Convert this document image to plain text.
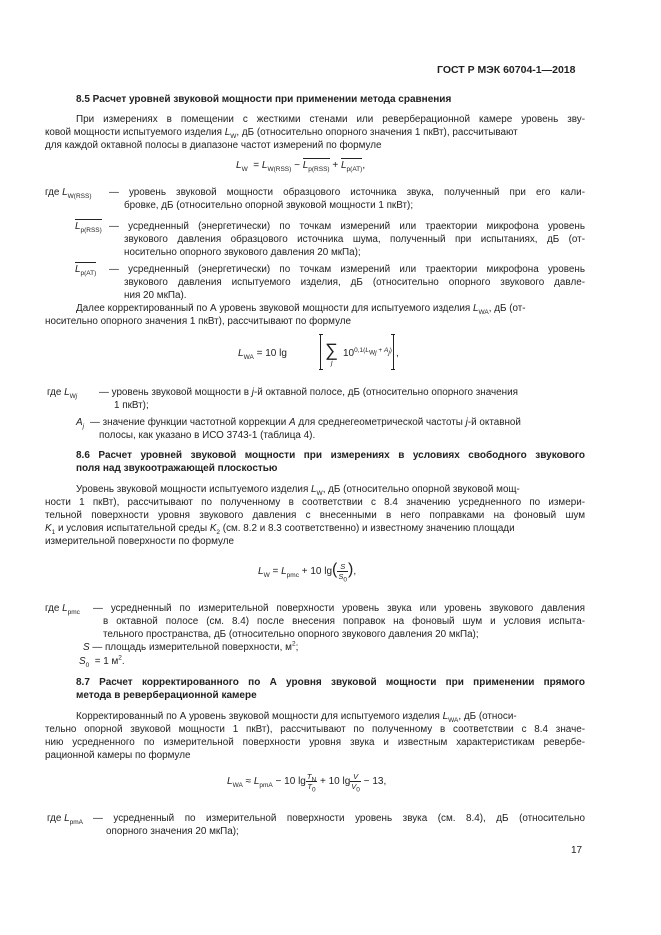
ГОСТ Р МЭК 60704-1—2018
8.5 Расчет уровней звуковой мощности при применении метода сравнения
При измерениях в помещении с жесткими стенами или реверберационной камере уровень зву-
ковой мощности испытуемого изделия $L_W$, дБ (относительно опорного значения 1 пкВт), рассчитывают
для каждой октавной полосы в диапазоне частот измерений по формуле
$L_W = L_{W(RSS)} - L_{p(RSS)} + L_{p(AT)}$,
где $L_{W(RSS)}$ — уровень звуковой мощности образцового источника звука, полученный при его кали-
бровке, дБ (относительно опорной звуковой мощности 1 пкВт);
$L_{p(RSS)}$ — усредненный (энергетически) по точкам измерений или траектории микрофона уровень
звукового давления образцового источника шума, полученный при испытаниях, дБ (от-
носительно опорного звукового давления 20 мкПа);
$L_{p(AT)}$ — усредненный (энергетически) по точкам измерений или траектории микрофона уровень
звукового давления испытуемого изделия, дБ (относительно опорного звукового давле-
ния 20 мкПа).
Далее корректированный по А уровень звуковой мощности для испытуемого изделия $L_{WA}$, дБ (от-
носительно опорного значения 1 пкВт), рассчитывают по формуле
$L_{WA} = 10$ lg ∑
j
$10^{0,1(L_{Wj} + A_j)}$ ,
где $L_{Wj}$ — уровень звуковой мощности в j-й октавной полосе, дБ (относительно опорного значения
1 пкВт);
$A_j$ — значение функции частотной коррекции A для среднегеометрической частоты j-й октавной
полосы, как указано в ИСО 3743-1 (таблица 4).
8.6 Расчет уровней звуковой мощности при измерениях в условиях свободного звукового
поля над звукоотражающей плоскостью
Уровень звуковой мощности испытуемого изделия $L_W$, дБ (относительно опорной звуковой мощ-
ности 1 пкВт), рассчитывают по полученному в соответствии с 8.4 значению усредненного по измери-
тельной поверхности уровня звукового давления с внесенными в него поправками на фоновый шум
$K_1$ и условия испытательной среды $K_2$ (см. 8.2 и 8.3 соответственно) и известному значению площади
измерительной поверхности по формуле
$L_W = L_{pmc} + 10$ $\lg( \frac{S}{S_0}$ ),
где $L_{pmc}$ — усредненный по измерительной поверхности уровень звука или уровень звукового давления
в октавной полосе (см. 8.4) после внесения поправок на фоновый шум и условия испыта-
тельного пространства, дБ (относительно опорного звукового давления 20 мкПа);
S — площадь измерительной поверхности, $м^2$;
$S_0 = 1$ $м^2$.
8.7 Расчет корректированного по А уровня звуковой мощности при применении прямого
метода в реверберационной камере
Корректированный по А уровень звуковой мощности для испытуемого изделия $L_{WA}$, дБ (относи-
тельно опорной звуковой мощности 1 пкВт), рассчитывают по полученному в соответствии с 8.4 значе-
нию усредненного по измерительной поверхности уровня звука и известным характеристикам ревербе-
рационной камеры по формуле
$L_{WA} \approx L_{pmA} - 10$ $\lg \frac{T_N}{T_0} + 10$ $\lg \frac{V}{V_0} - 13$,
где $L_{pmA}$ — усредненный по измерительной поверхности уровень звука (см. 8.4), дБ (относительно
опорного значения 20 мкПа);
17
